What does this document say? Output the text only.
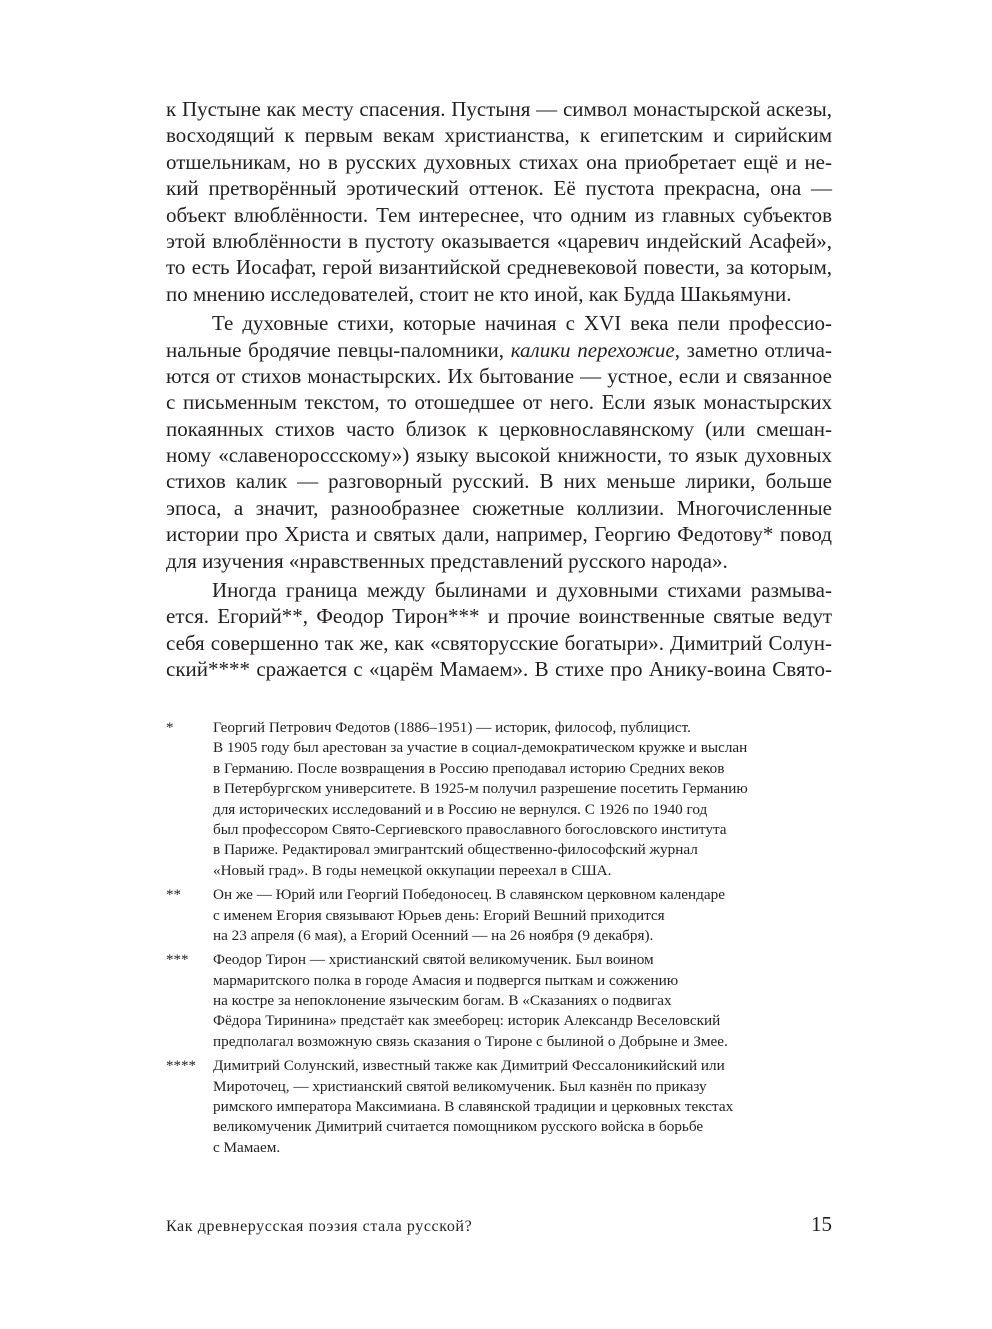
к Пустыне как месту спасения. Пустыня — символ монастырской аскезы,
восходящий к первым векам христианства, к египетским и сирийским
отшельникам, но в русских духовных стихах она приобретает ещё и не-
кий претворённый эротический оттенок. Её пустота прекрасна, она —
объект влюблённости. Тем интереснее, что одним из главных субъектов
этой влюблённости в пустоту оказывается «царевич индейский Асафей»,
то есть Иосафат, герой византийской средневековой повести, за которым,
по мнению исследователей, стоит не кто иной, как Будда Шакьямуни.
Те духовные стихи, которые начиная с XVI века пели профессио-
нальные бродячие певцы-паломники, калики перехожие, заметно отлича-
ются от стихов монастырских. Их бытование — устное, если и связанное
с письменным текстом, то отошедшее от него. Если язык монастырских
покаянных стихов часто близок к церковнославянскому (или смешан-
ному «славенороссскому») языку высокой книжности, то язык духовных
стихов калик — разговорный русский. В них меньше лирики, больше
эпоса, а значит, разнообразнее сюжетные коллизии. Многочисленные
истории про Христа и святых дали, например, Георгию Федотову* повод
для изучения «нравственных представлений русского народа».
Иногда граница между былинами и духовными стихами размыва-
ется. Егорий**, Феодор Тирон*** и прочие воинственные святые ведут
себя совершенно так же, как «святорусские богатыри». Димитрий Солун-
ский**** сражается с «царём Мамаем». В стихе про Анику-воина Свято-
*	Георгий Петрович Федотов (1886–1951) — историк, философ, публицист.
В 1905 году был арестован за участие в социал-демократическом кружке и выслан
в Германию. После возвращения в Россию преподавал историю Средних веков
в Петербургском университете. В 1925-м получил разрешение посетить Германию
для исторических исследований и в Россию не вернулся. С 1926 по 1940 год
был профессором Свято-Сергиевского православного богословского института
в Париже. Редактировал эмигрантский общественно-философский журнал
«Новый град». В годы немецкой оккупации переехал в США.
**	Он же — Юрий или Георгий Победоносец. В славянском церковном календаре
с именем Егория связывают Юрьев день: Егорий Вешний приходится
на 23 апреля (6 мая), а Егорий Осенний — на 26 ноября (9 декабря).
***	Феодор Тирон — христианский святой великомученик. Был воином
мармаритского полка в городе Амасия и подвергся пыткам и сожжению
на костре за непоклонение языческим богам. В «Сказаниях о подвигах
Фёдора Тиринина» предстаёт как змееборец: историк Александр Веселовский
предполагал возможную связь сказания о Тироне с былиной о Добрыне и Змее.
****	Димитрий Солунский, известный также как Димитрий Фессалоникийский или
Мироточец, — христианский святой великомученик. Был казнён по приказу
римского императора Максимиана. В славянской традиции и церковных текстах
великомученик Димитрий считается помощником русского войска в борьбе
с Мамаем.
Как древнерусская поэзия стала русской?	15
